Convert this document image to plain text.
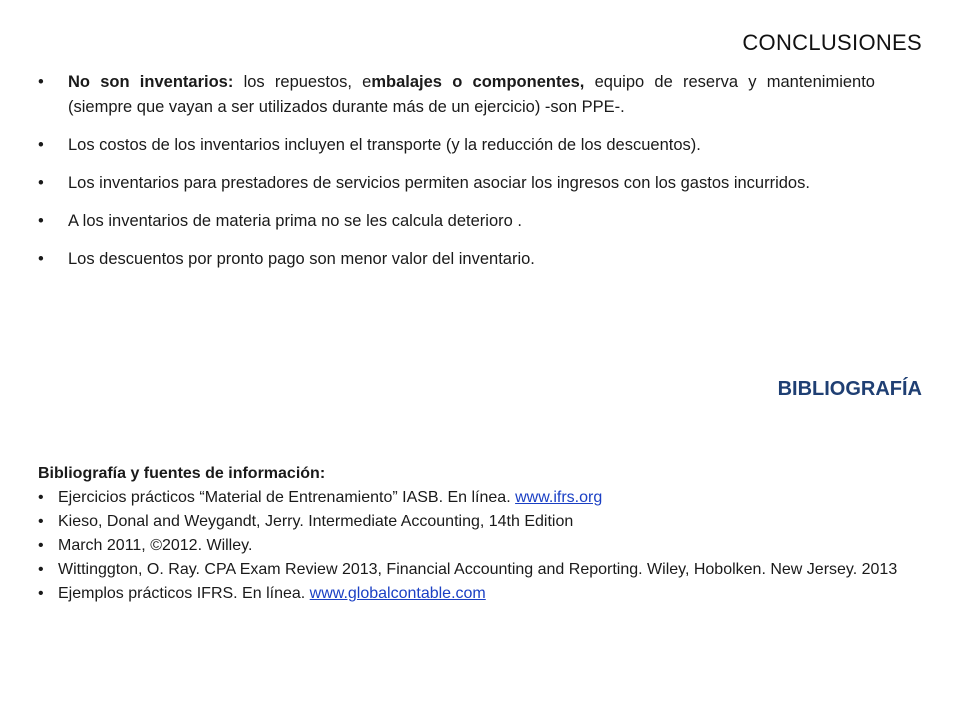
CONCLUSIONES
• No son inventarios: los repuestos, embalajes o componentes, equipo de reserva y mantenimiento (siempre que vayan a ser utilizados durante más de un ejercicio) -son PPE-.
• Los costos de los inventarios incluyen el transporte (y la reducción de los descuentos).
• Los inventarios para prestadores de servicios permiten asociar los ingresos con los gastos incurridos.
• A los inventarios de materia prima no se les calcula deterioro .
• Los descuentos por pronto pago son menor valor del inventario.
BIBLIOGRAFÍA
Bibliografía y fuentes de información:
• Ejercicios prácticos “Material de Entrenamiento” IASB. En línea. www.ifrs.org
• Kieso, Donal and Weygandt, Jerry. Intermediate Accounting, 14th Edition
• March 2011, ©2012. Willey.
• Wittinggton, O. Ray. CPA Exam Review 2013, Financial Accounting and Reporting. Wiley, Hobolken. New Jersey. 2013
• Ejemplos prácticos IFRS. En línea. www.globalcontable.com
